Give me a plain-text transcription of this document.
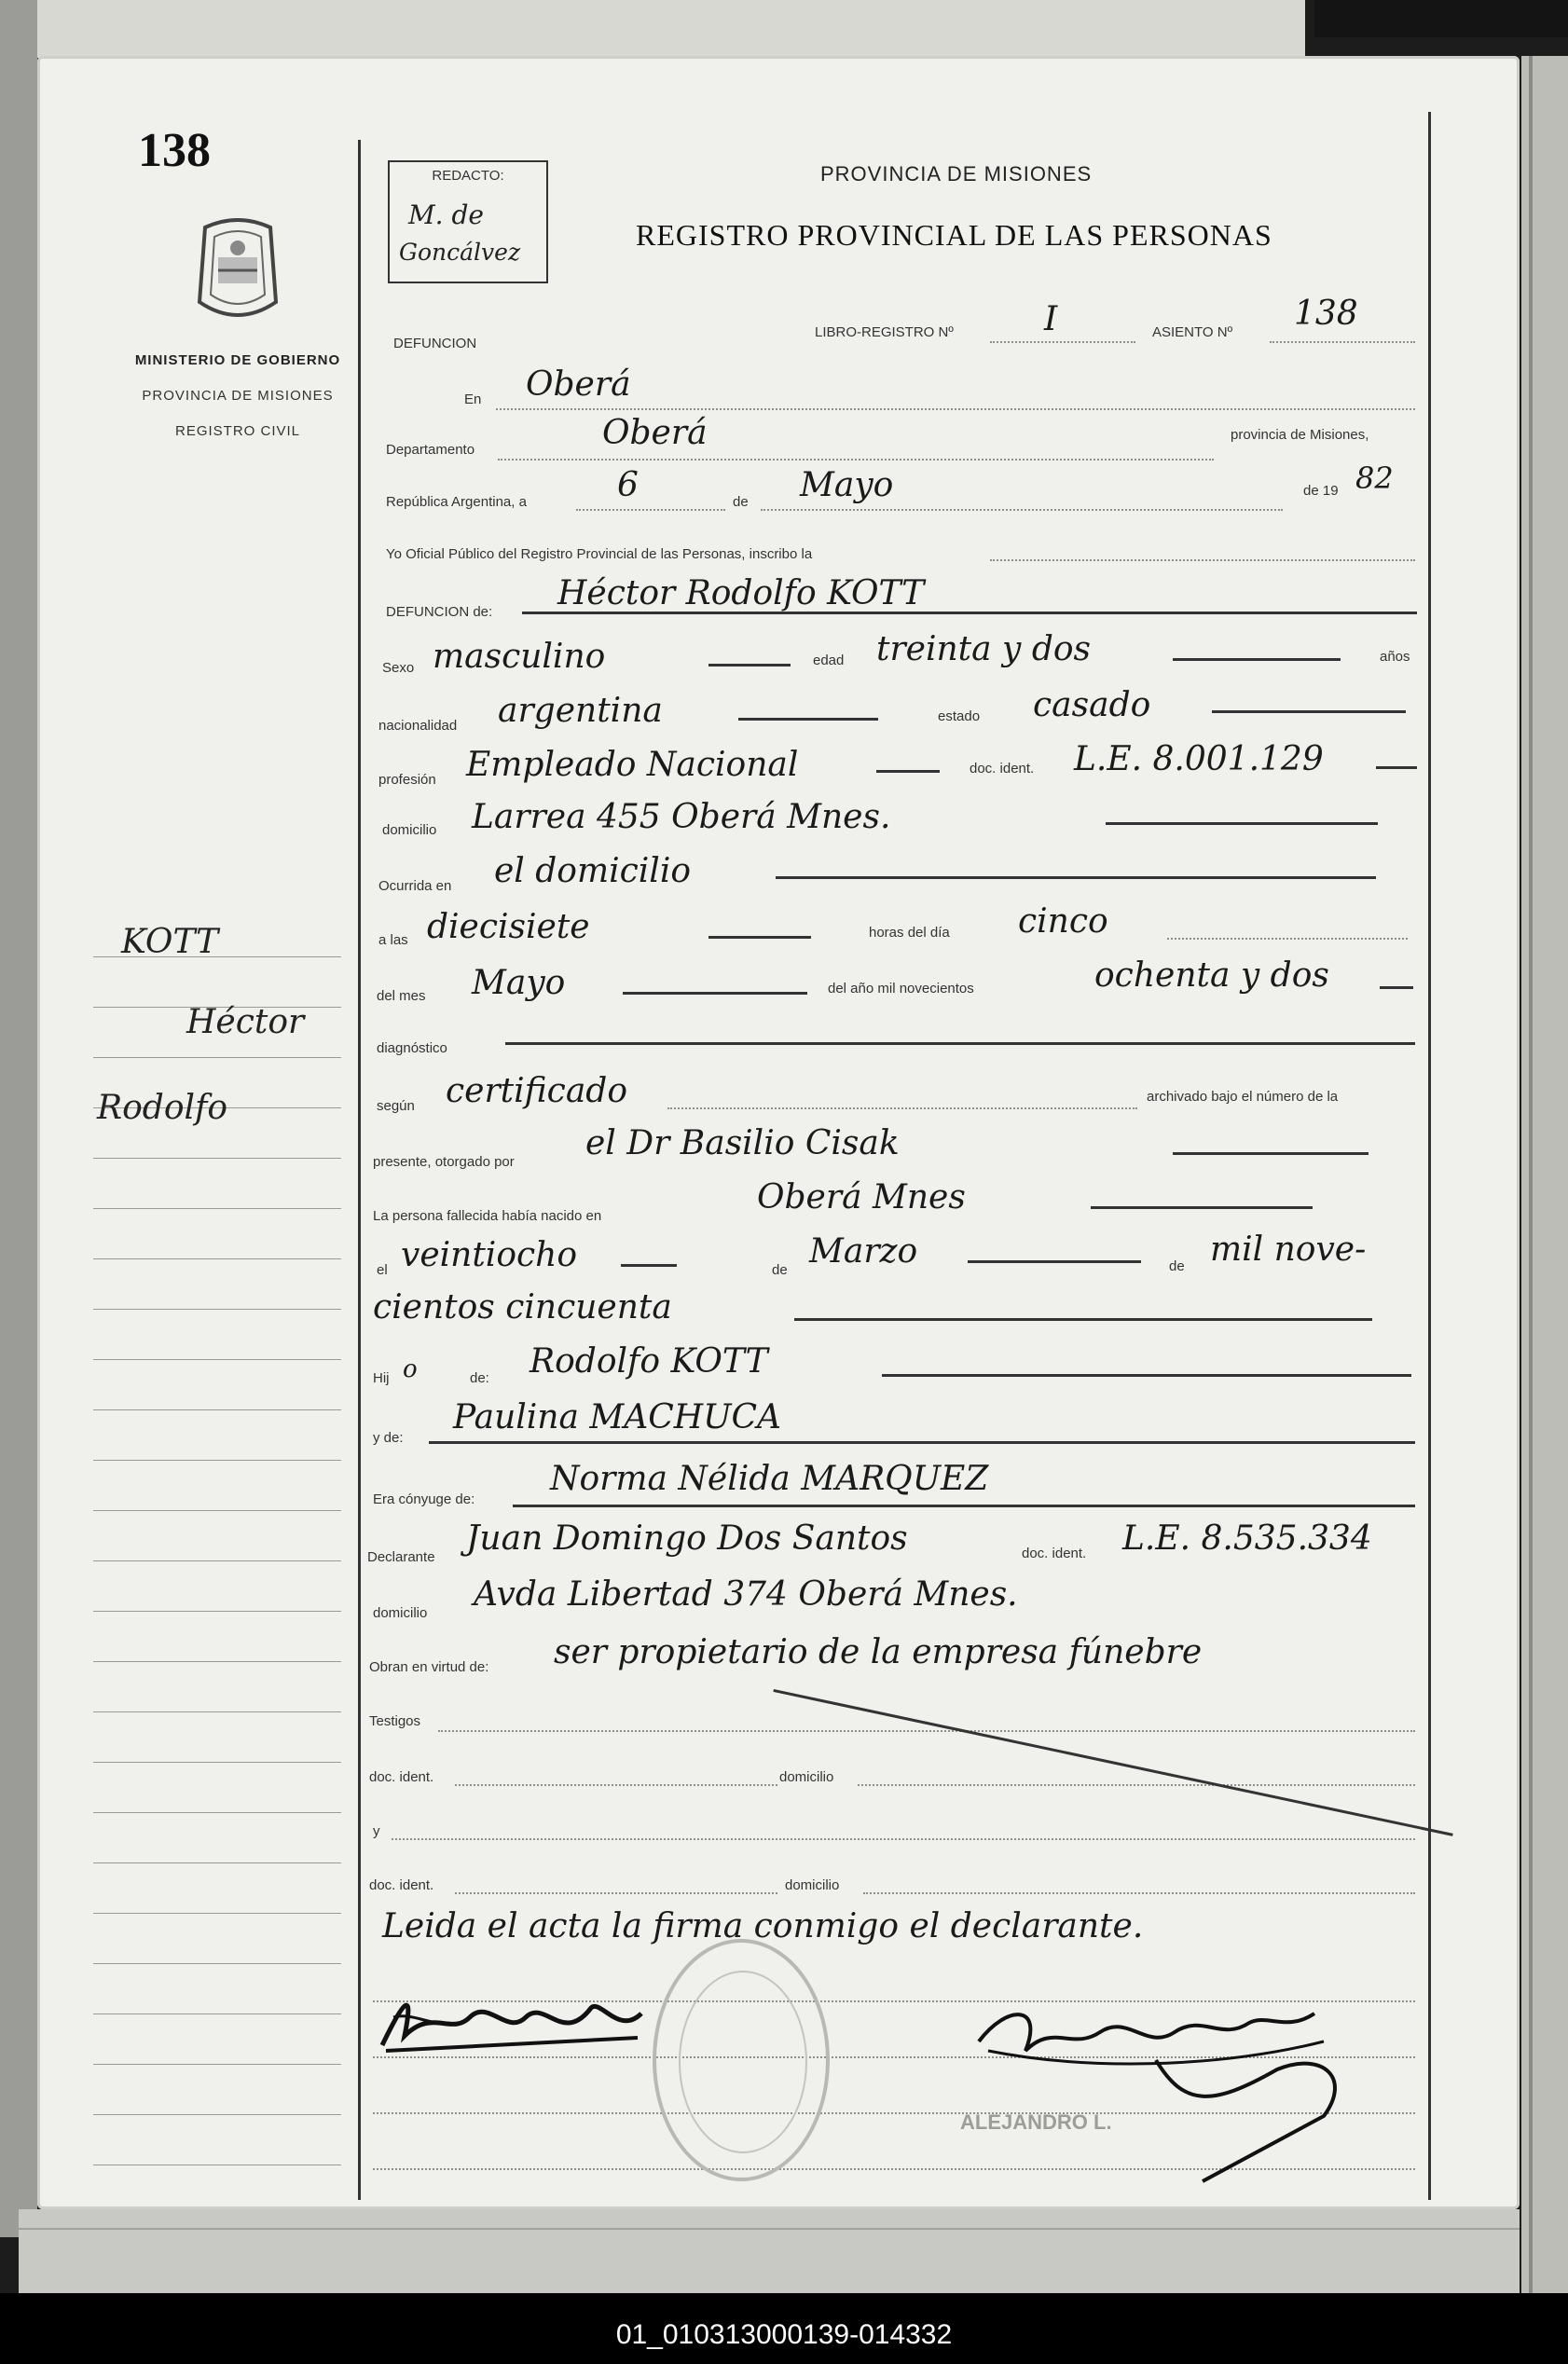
KOTT
Héctor
Rodolfo
138
MINISTERIO DE GOBIERNO
PROVINCIA DE MISIONES
REGISTRO CIVIL
REDACTO:
M. de
Goncálvez
PROVINCIA DE MISIONES
REGISTRO PROVINCIAL DE LAS PERSONAS
DEFUNCION
LIBRO-REGISTRO Nº	I	ASIENTO Nº 138
En Oberá
Departamento	Oberá	provincia de Misiones,
República Argentina, a	6	de Mayo	de 19 82
Yo Oficial Público del Registro Provincial de las Personas, inscribo la
DEFUNCION de: Héctor Rodolfo KOTT
Sexo masculino	edad treinta y dos	años
nacionalidad argentina	estado casado
profesión Empleado Nacional	doc. ident. L.E. 8.001.129
domicilio Larrea 455 Oberá Mnes.
Ocurrida en el domicilio
a las diecisiete	horas del día cinco
del mes Mayo	del año mil novecientos	ochenta y dos
diagnóstico
según certificado	archivado bajo el número de la
presente, otorgado por el Dr Basilio Cisak
La persona fallecida había nacido en	Oberá Mnes
el veintiocho	de Marzo	de mil nove-
cientos cincuenta
Hij o	de: Rodolfo KOTT
y de:
Paulina MACHUCA
Era cónyuge de:
Norma Nélida MARQUEZ
Declarante Juan Domingo Dos Santos	doc. ident. L.E. 8.535.334
domicilio Avda Libertad 374 Oberá Mnes.
Obran en virtud de: ser propietario de la empresa fúnebre
Testigos
doc. ident.	domicilio
y
doc. ident.	domicilio
Leida el acta la firma conmigo el declarante.
ALEJANDRO L.
01_010313000139-014332
